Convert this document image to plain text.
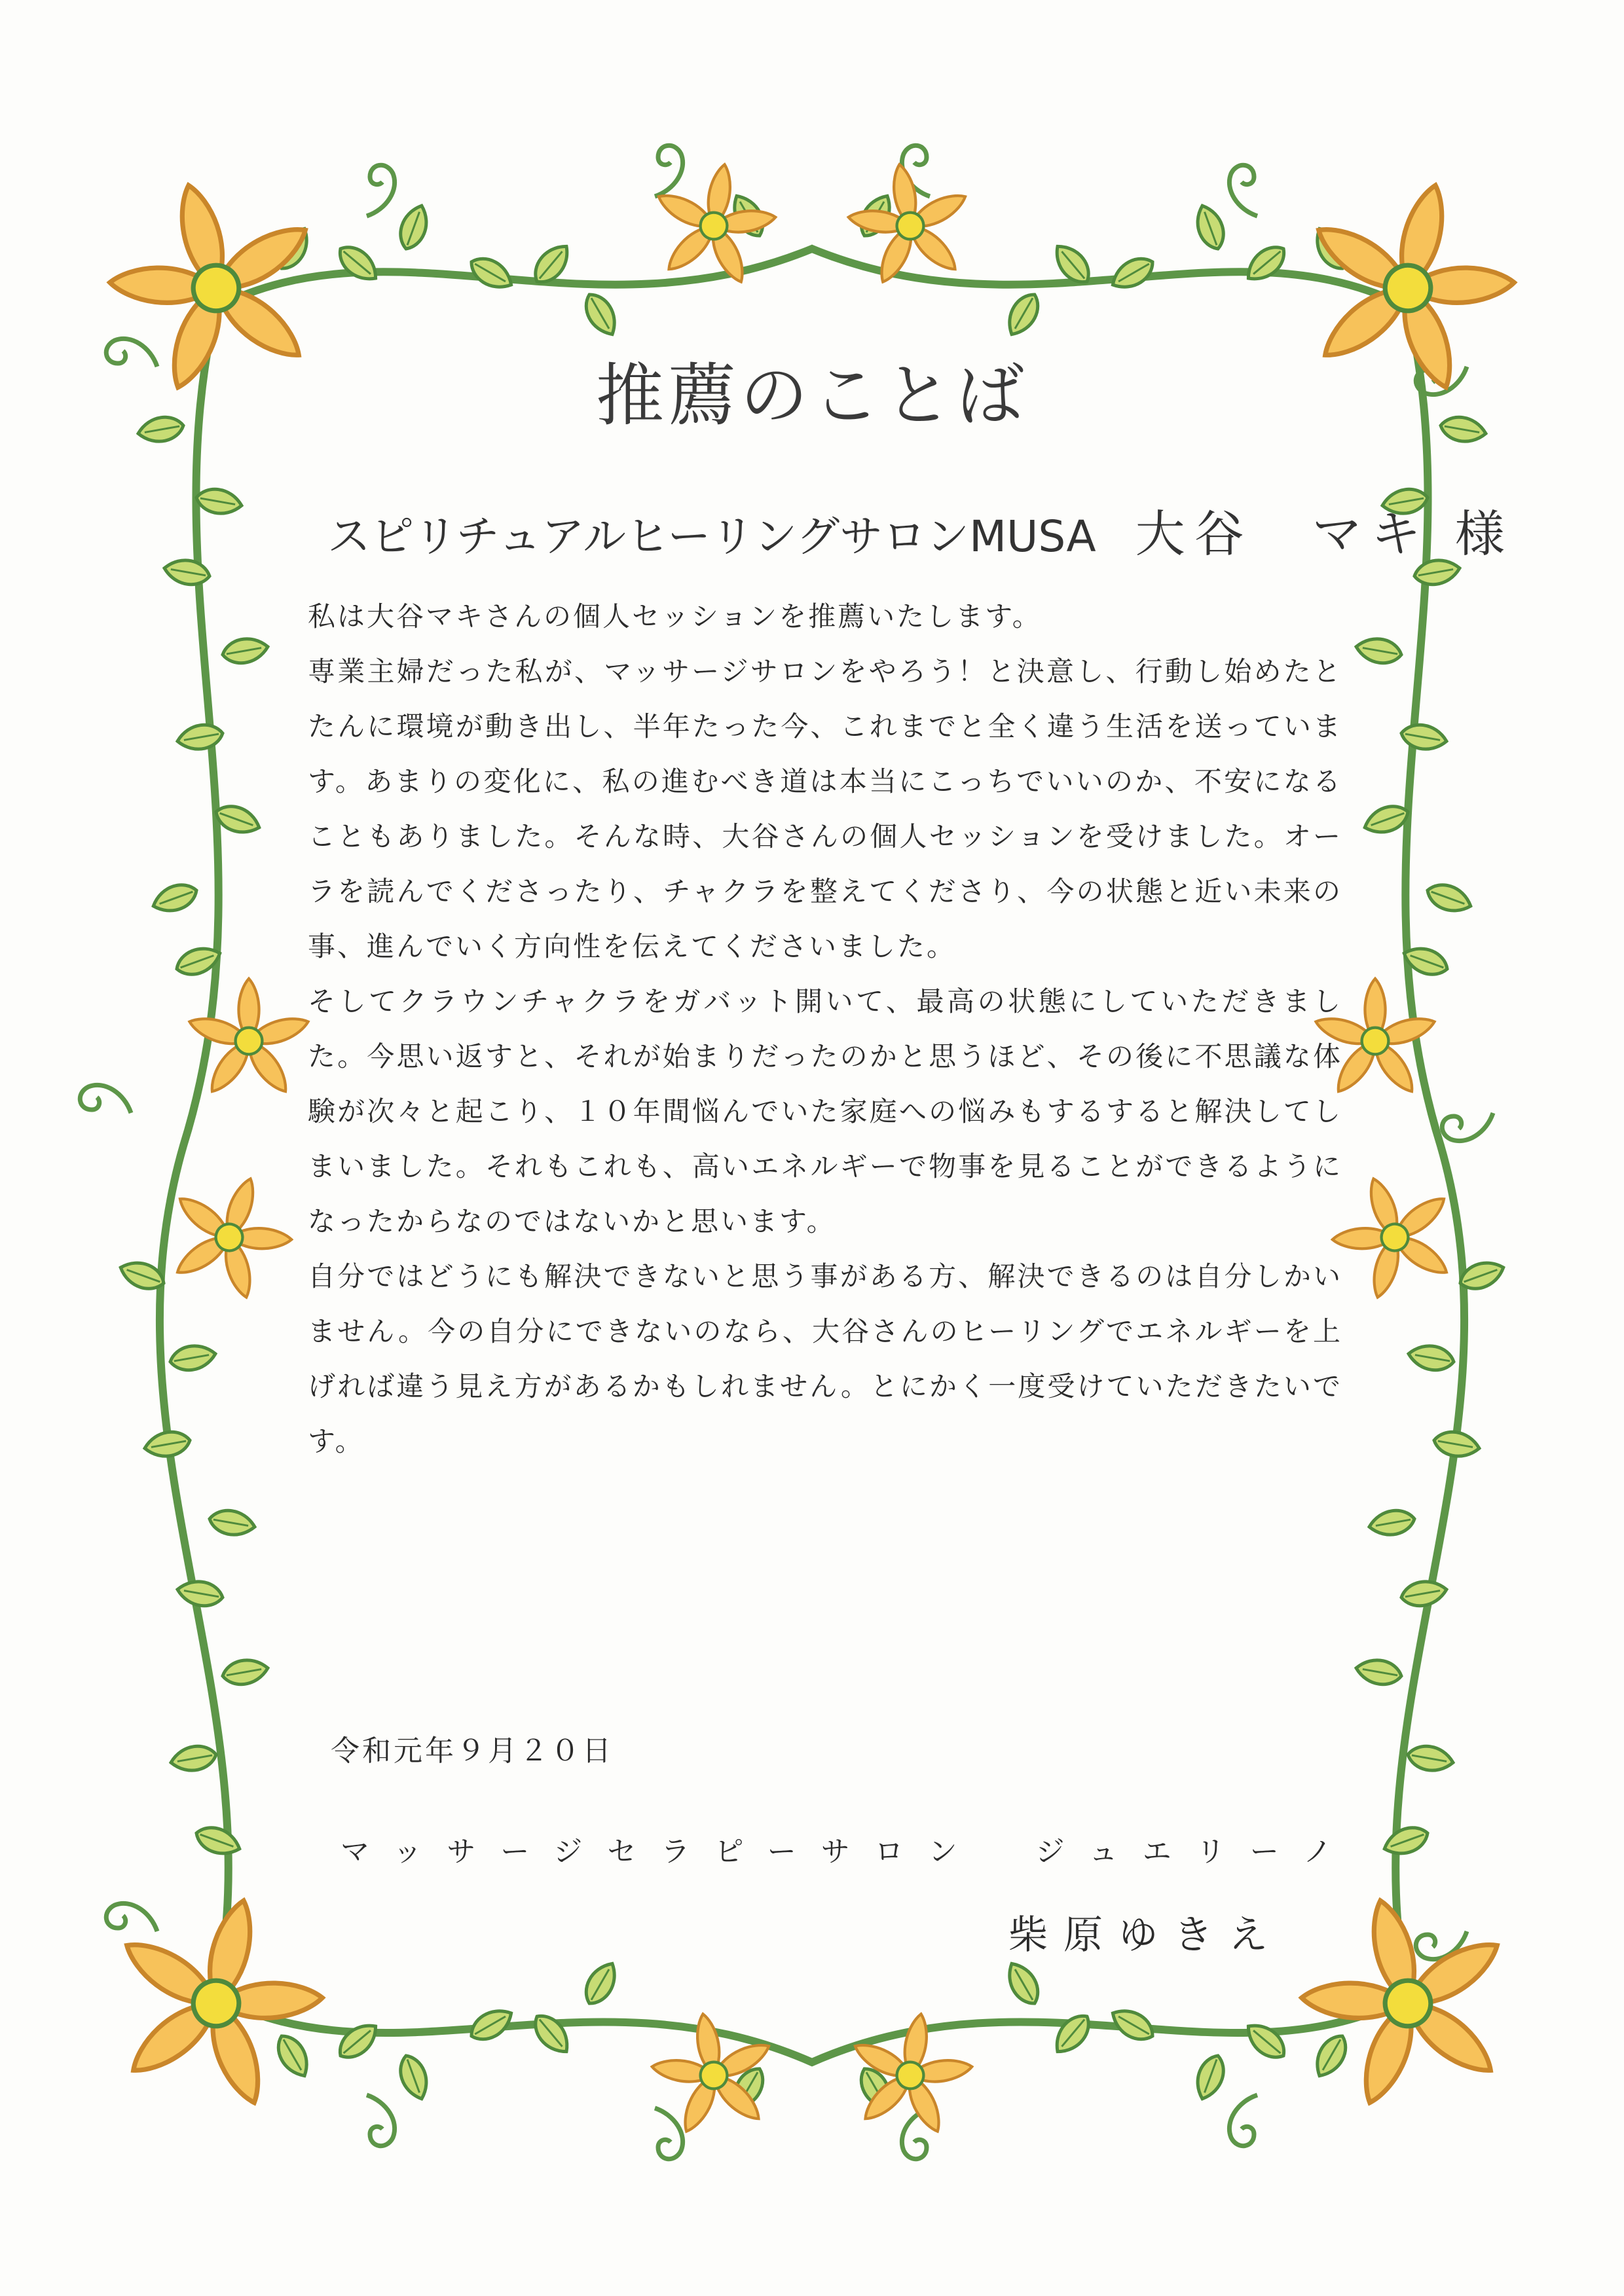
推薦のことば
スピリチュアルヒーリングサロンMUSA 大谷　マキ 様

私は大谷マキさんの個人セッションを推薦いたします。

専業主婦だった私が、マッサージサロンをやろう！と決意し、行動し始めたとたんに環境が動き出し、半年たった今、これまでと全く違う生活を送っています。あまりの変化に、私の進むべき道は本当にこっちでいいのか、不安になることもありました。そんな時、大谷さんの個人セッションを受けました。オーラを読んでくださったり、チャクラを整えてくださり、今の状態と近い未来の事、進んでいく方向性を伝えてくださいました。

そしてクラウンチャクラをガバット開いて、最高の状態にしていただきました。今思い返すと、それが始まりだったのかと思うほど、その後に不思議な体験が次々と起こり、１０年間悩んでいた家庭への悩みもするすると解決してしまいました。それもこれも、高いエネルギーで物事を見ることができるようになったからなのではないかと思います。

自分ではどうにも解決できないと思う事がある方、解決できるのは自分しかいません。今の自分にできないのなら、大谷さんのヒーリングでエネルギーを上げれば違う見え方があるかもしれません。とにかく一度受けていただきたいです。

令和元年９月２０日
マッサージセラピーサロン　ジュエリーノ
柴原ゆきえ
